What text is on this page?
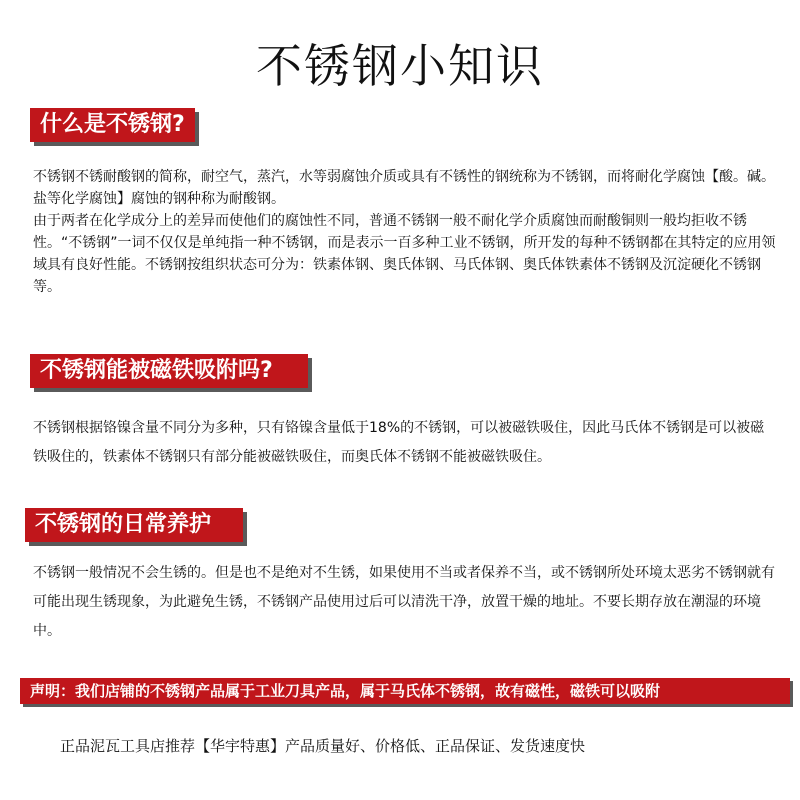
不锈钢小知识
什么是不锈钢?

不锈钢不锈耐酸钢的简称，耐空气，蒸汽，水等弱腐蚀介质或具有不锈性的钢统称为不锈钢，而将耐化学腐蚀【酸。碱。盐等化学腐蚀】腐蚀的钢种称为耐酸钢。

由于两者在化学成分上的差异而使他们的腐蚀性不同，普通不锈钢一般不耐化学介质腐蚀而耐酸铜则一般均拒收不锈性。“不锈钢”一词不仅仅是单纯指一种不锈钢，而是表示一百多种工业不锈钢，所开发的每种不锈钢都在其特定的应用领域具有良好性能。不锈钢按组织状态可分为：铁素体钢、奥氏体钢、马氏体钢、奥氏体铁素体不锈钢及沉淀硬化不锈钢等。

不锈钢能被磁铁吸附吗?

不锈钢根据铬镍含量不同分为多种，只有铬镍含量低于18%的不锈钢，可以被磁铁吸住，因此马氏体不锈钢是可以被磁铁吸住的，铁素体不锈钢只有部分能被磁铁吸住，而奥氏体不锈钢不能被磁铁吸住。

不锈钢的日常养护

不锈钢一般情况不会生锈的。但是也不是绝对不生锈，如果使用不当或者保养不当，或不锈钢所处环境太恶劣不锈钢就有可能出现生锈现象，为此避免生锈，不锈钢产品使用过后可以清洗干净，放置干燥的地址。不要长期存放在潮湿的环境中。

声明：我们店铺的不锈钢产品属于工业刀具产品，属于马氏体不锈钢，故有磁性，磁铁可以吸附
正品泥瓦工具店推荐【华宇特惠】产品质量好、价格低、正品保证、发货速度快
